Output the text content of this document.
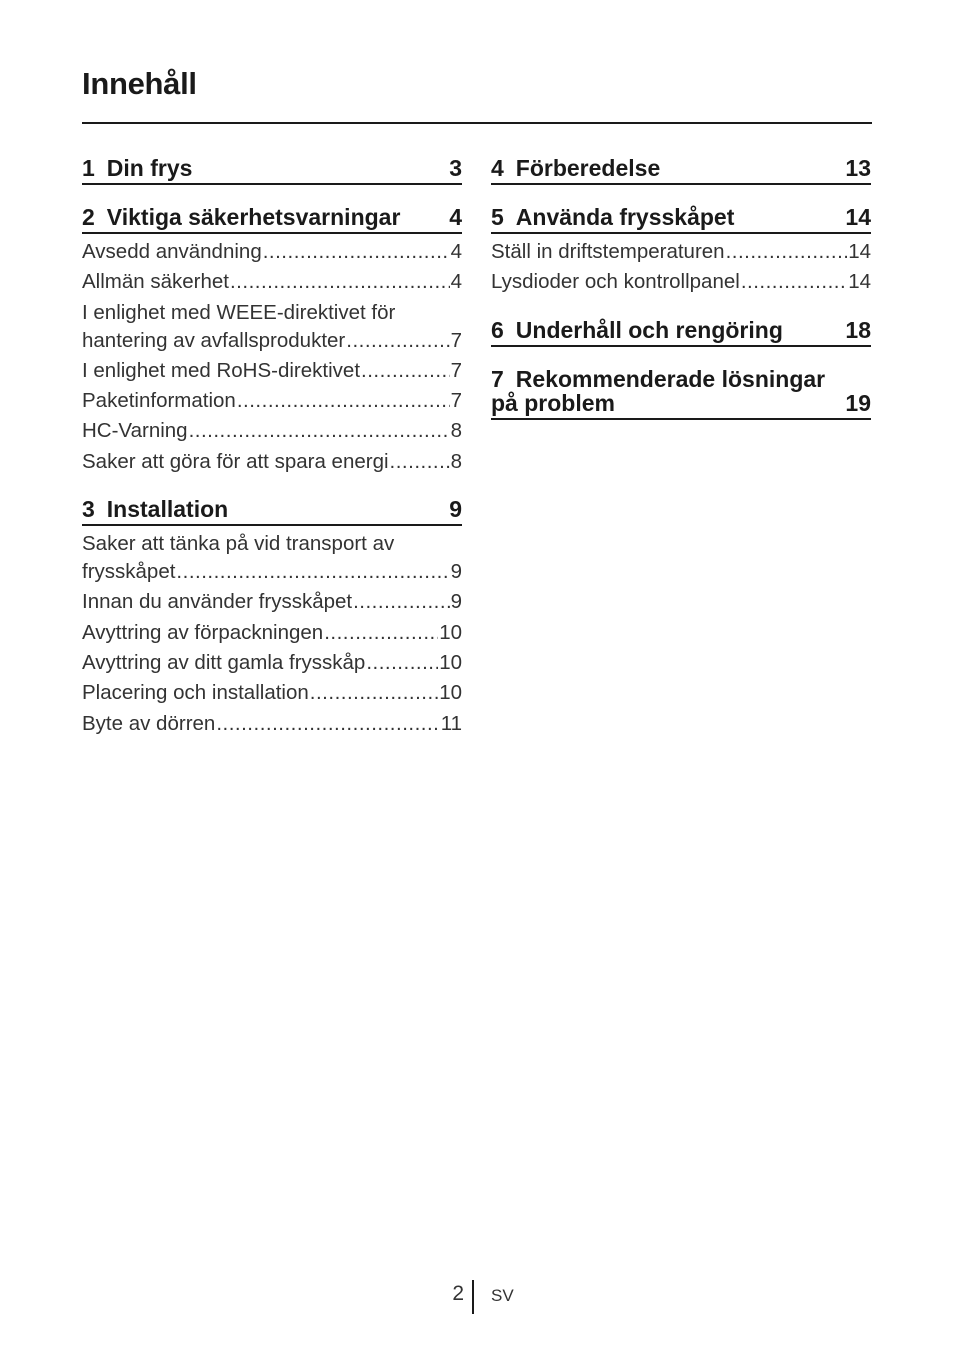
Innehåll
1 Din frys	3
2 Viktiga säkerhetsvarningar 4
Avsedd användning .....	4
Allmän säkerhet .....	4
I enlighet med WEEE-direktivet för
hantering av avfallsprodukter .....	7
I enlighet med RoHS-direktivet .....	7
Paketinformation .....	7
HC-Varning .....	8
Saker att göra för att spara energi .....	8
3 Installation	9
Saker att tänka på vid transport av
frysskåpet .....	9
Innan du använder frysskåpet .....	9
Avyttring av förpackningen .....	10
Avyttring av ditt gamla frysskåp .....	10
Placering och installation .....	10
Byte av dörren .....	11
4 Förberedelse	13
5 Använda frysskåpet	14
Ställ in driftstemperaturen .....	14
Lysdioder och kontrollpanel .....	14
6 Underhåll och rengöring	18
7 Rekommenderade lösningar
på problem	19
2 SV
